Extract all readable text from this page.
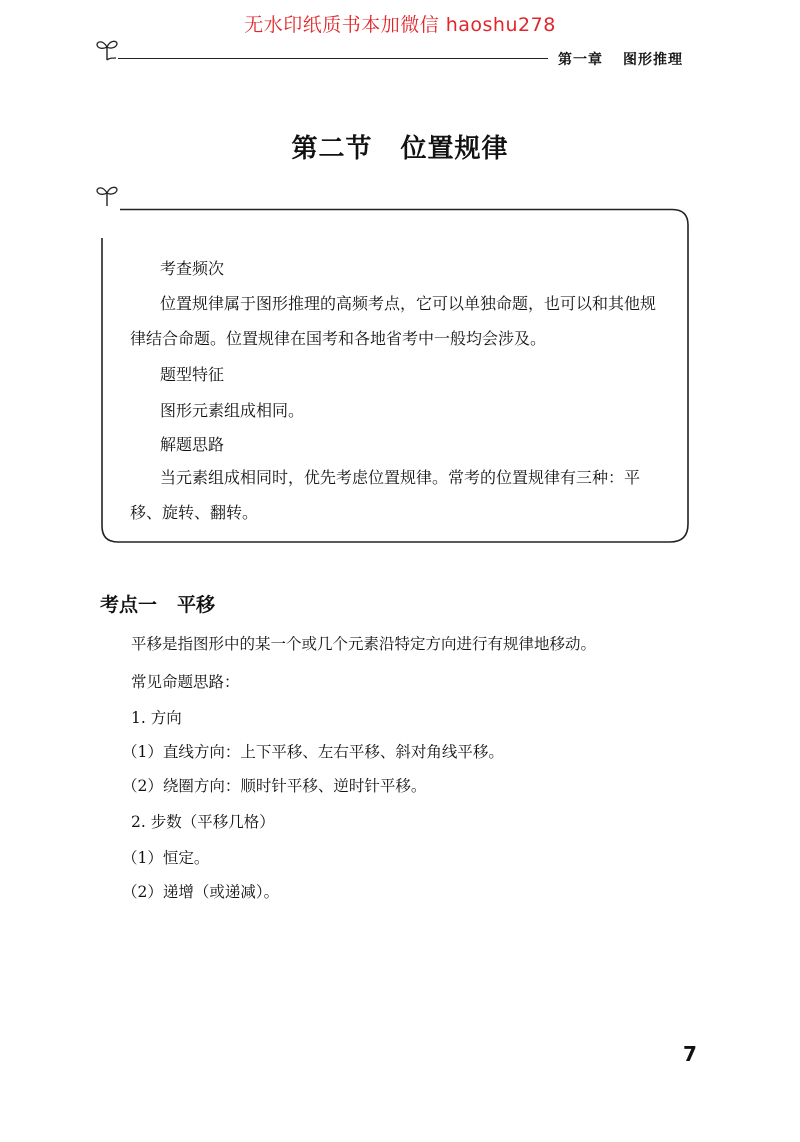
无水印纸质书本加微信 haoshu278
第一章 图形推理
第二节 位置规律
考查频次
位置规律属于图形推理的高频考点，它可以单独命题，也可以和其他规律结合命题。位置规律在国考和各地省考中一般均会涉及。
题型特征
图形元素组成相同。
解题思路
当元素组成相同时，优先考虑位置规律。常考的位置规律有三种：平移、旋转、翻转。
考点一 平移
平移是指图形中的某一个或几个元素沿特定方向进行有规律地移动。
常见命题思路：
1. 方向
（1）直线方向：上下平移、左右平移、斜对角线平移。
（2）绕圈方向：顺时针平移、逆时针平移。
2. 步数（平移几格）
（1）恒定。
（2）递增（或递减）。
7
